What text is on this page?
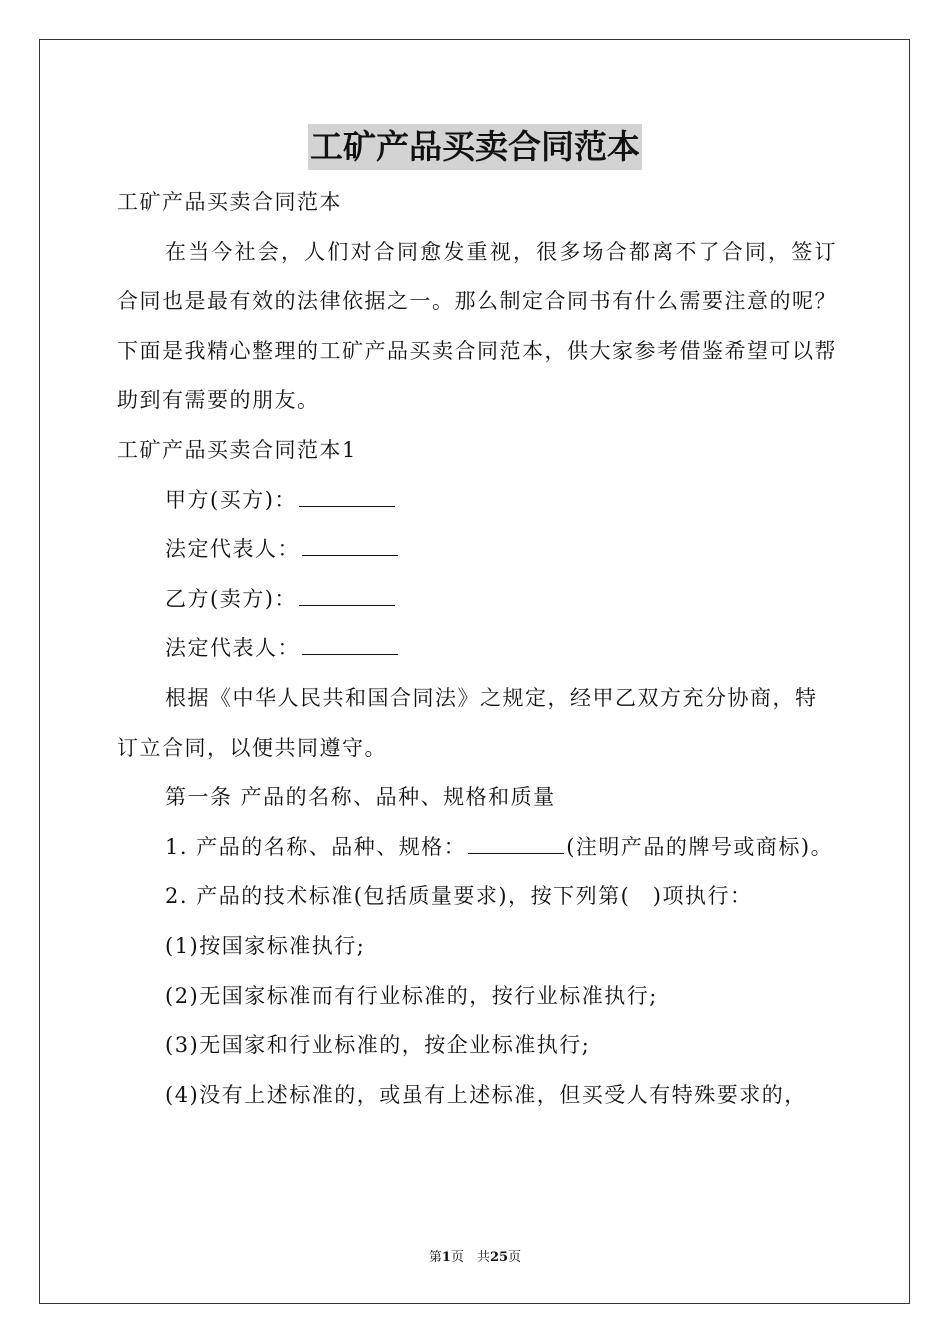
工矿产品买卖合同范本

工矿产品买卖合同范本

在当今社会，人们对合同愈发重视，很多场合都离不了合同，签订合同也是最有效的法律依据之一。那么制定合同书有什么需要注意的呢？下面是我精心整理的工矿产品买卖合同范本，供大家参考借鉴希望可以帮助到有需要的朋友。

工矿产品买卖合同范本1

甲方(买方)：

法定代表人：

乙方(卖方)：

法定代表人：

根据《中华人民共和国合同法》之规定，经甲乙双方充分协商，特订立合同，以便共同遵守。

第一条 产品的名称、品种、规格和质量

1. 产品的名称、品种、规格：	(注明产品的牌号或商标)。

2. 产品的技术标准(包括质量要求)，按下列第(　)项执行：

(1)按国家标准执行;

(2)无国家标准而有行业标准的，按行业标准执行;

(3)无国家和行业标准的，按企业标准执行;

(4)没有上述标准的，或虽有上述标准，但买受人有特殊要求的，

第1页　共25页
